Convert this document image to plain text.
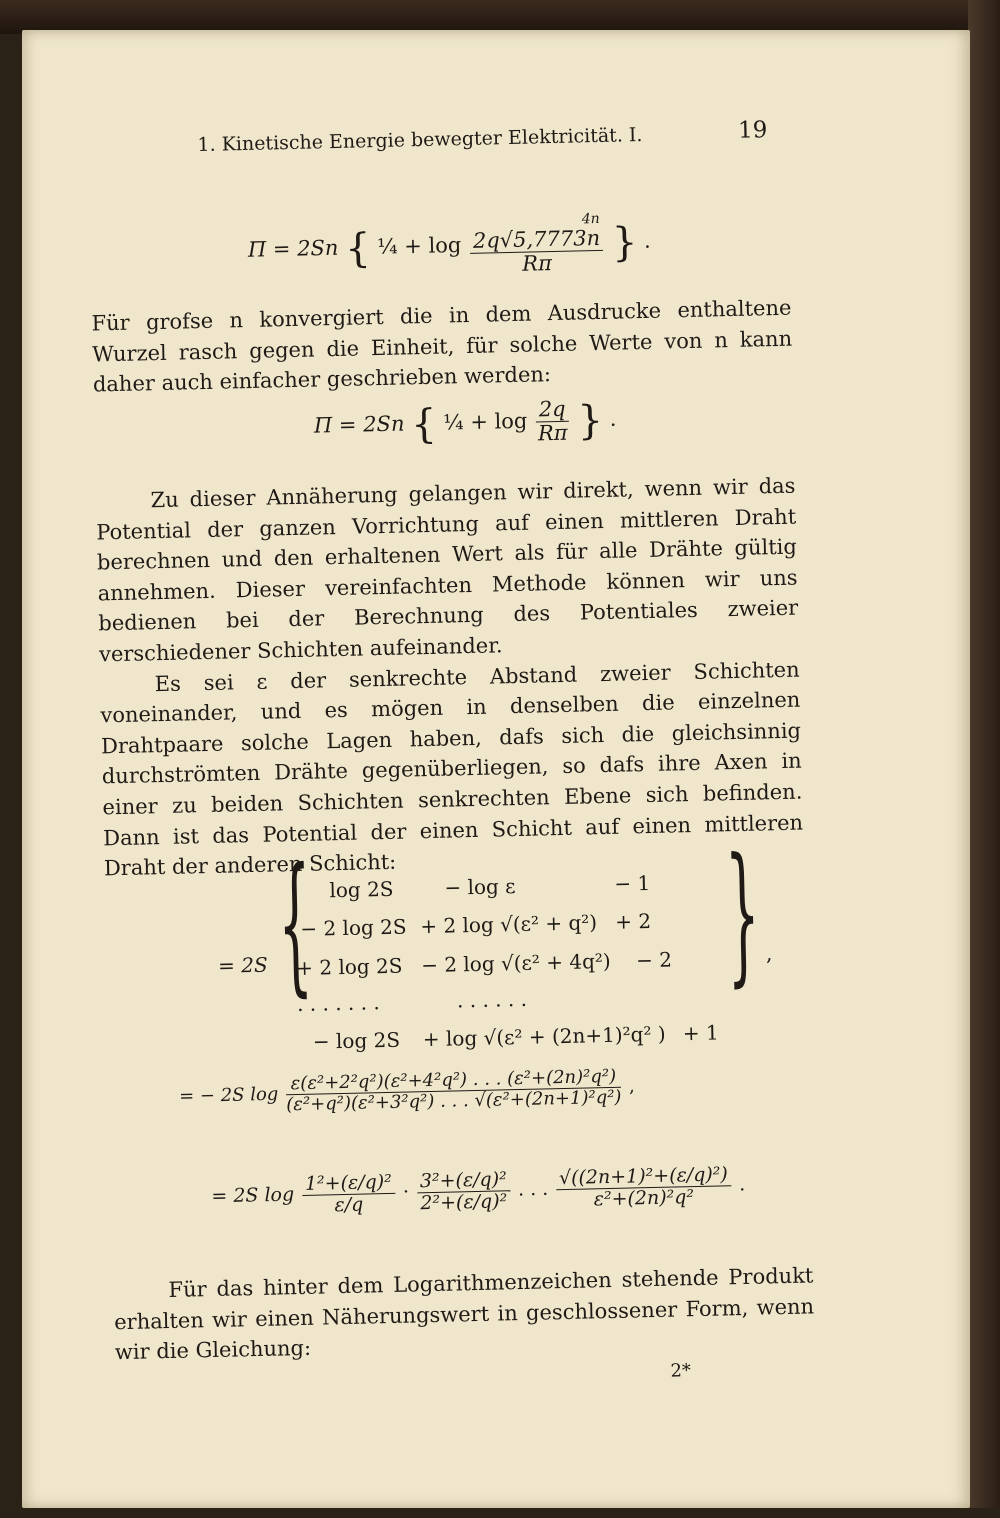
1. Kinetische Energie bewegter Elektricität. I.	19
Π = 2Sn { ¼ + log 4n
2q√5,7773n
Rπ } .

Für grofse n konvergiert die in dem Ausdrucke enthaltene Wurzel rasch gegen die Einheit, für solche Werte von n kann daher auch einfacher geschrieben werden:

Π = 2Sn { ¼ + $\log \frac{2q}{R\pi}$ } .

Zu dieser Annäherung gelangen wir direkt, wenn wir das Potential der ganzen Vorrichtung auf einen mittleren Draht berechnen und den erhaltenen Wert als für alle Drähte gültig annehmen. Dieser vereinfachten Methode können wir uns bedienen bei der Berechnung des Potentiales zweier verschiedener Schichten aufeinander.

Es sei ε der senkrechte Abstand zweier Schichten voneinander, und es mögen in denselben die einzelnen Drahtpaare solche Lagen haben, dafs sich die gleichsinnig durchströmten Drähte gegenüberliegen, so dafs ihre Axen in einer zu beiden Schichten senkrechten Ebene sich befinden. Dann ist das Potential der einen Schicht auf einen mittleren Draht der anderen Schicht:

= 2S {	} ,
log 2S	− log ε	− 1
− 2 log 2S + 2 log √(ε² + q²) + 2
+ 2 log 2S − 2 log √(ε² + 4q²) − 2
. . . . . . .	. . . . . .
− log 2S + log √(ε² + (2n+1)²q² ) + 1
= − 2S log
ε(ε²+2²q²)(ε²+4²q²) . . . (ε²+(2n)²q²)
(ε²+q²)(ε²+3²q²) . . . √(ε²+(2n+1)²q²)
,
= 2S $\log \frac{\text{1²+(ε/q)²}}{\varepsilon/q} \cdot \frac{\text{3²+(ε/q)²}}{\text{2²+(ε/q)²}}$ . . . $\frac{\text{√((2n+1)²+(ε/q)²)}}{\text{ε²+(2n)²q²}}$ .

Für das hinter dem Logarithmenzeichen stehende Produkt erhalten wir einen Näherungswert in geschlossener Form, wenn wir die Gleichung:

2*
